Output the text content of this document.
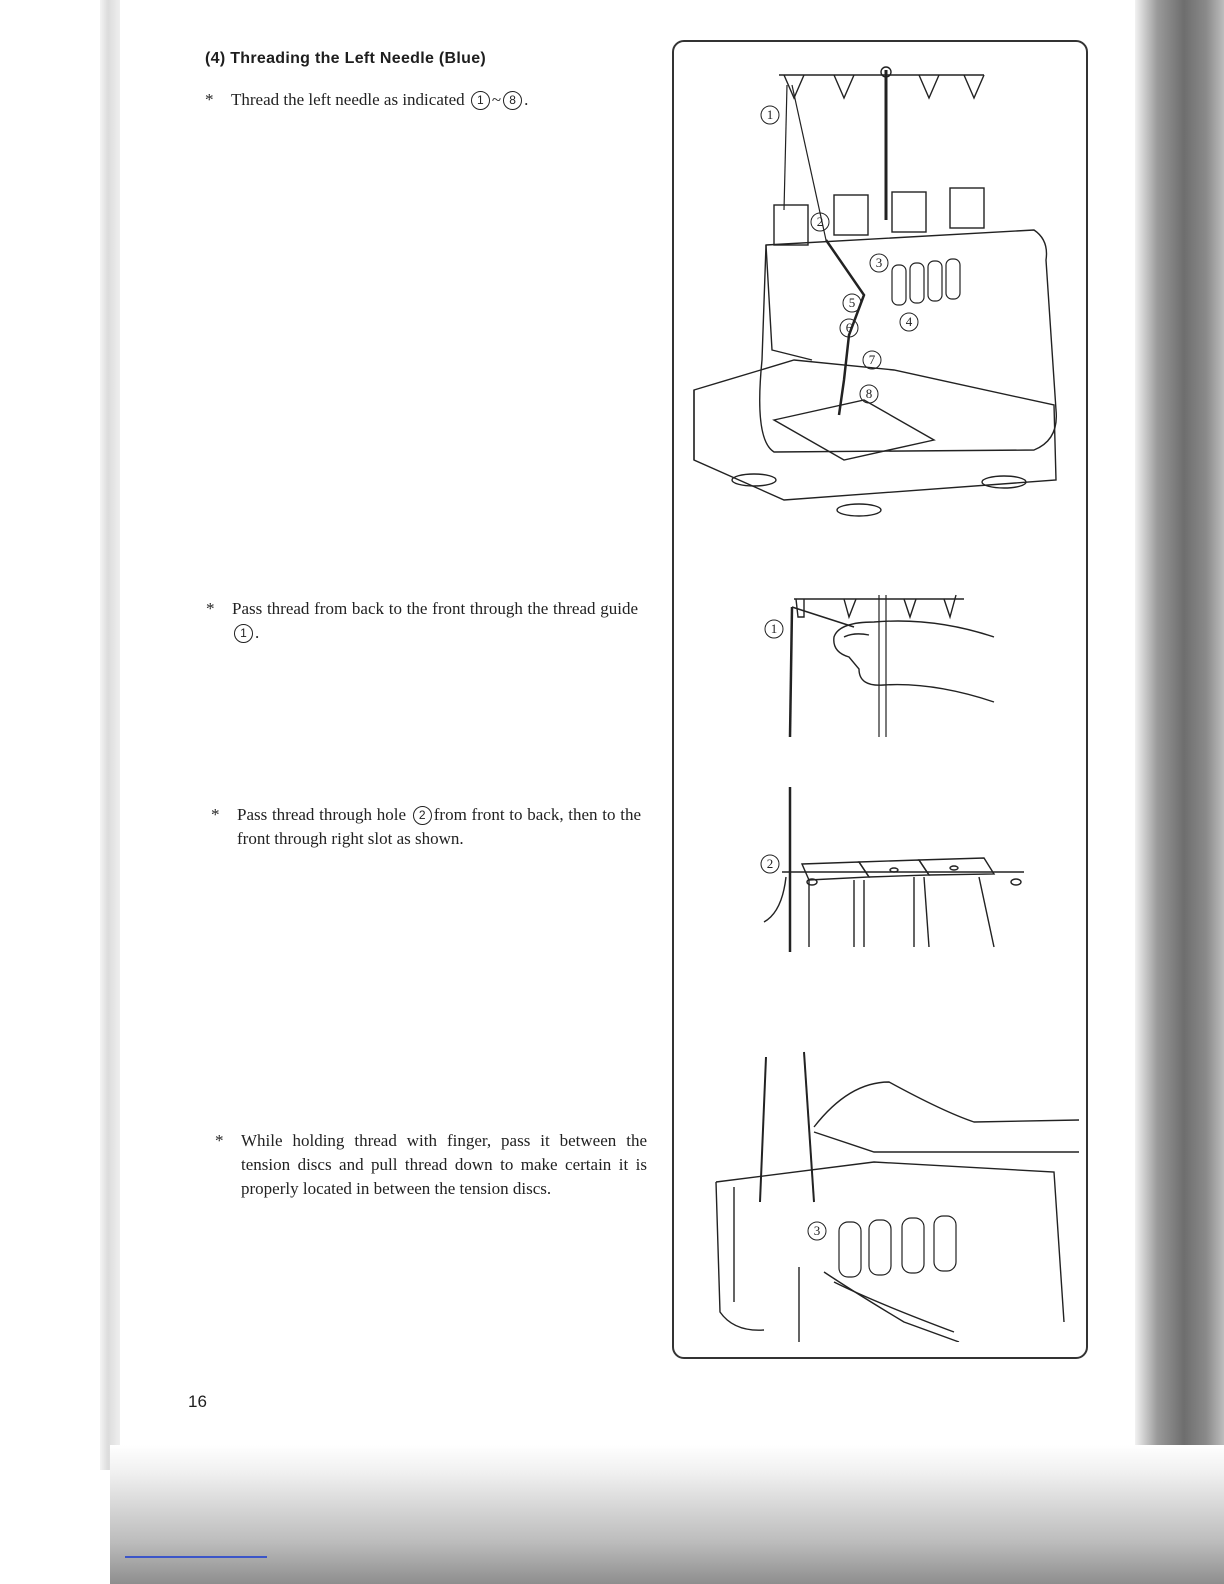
(4) Threading the Left Needle (Blue)

*	Thread the left needle as indicated 1 ~ 8 .

*	Pass thread from back to the front through the thread guide 1 .

*	Pass thread through hole 2 from front to back, then to the front through right slot as shown.

*	While holding thread with finger, pass it between the tension discs and pull thread down to make certain it is properly located in between the tension discs.

16

1
2
3
4
5
6
7
8
1
2
3
